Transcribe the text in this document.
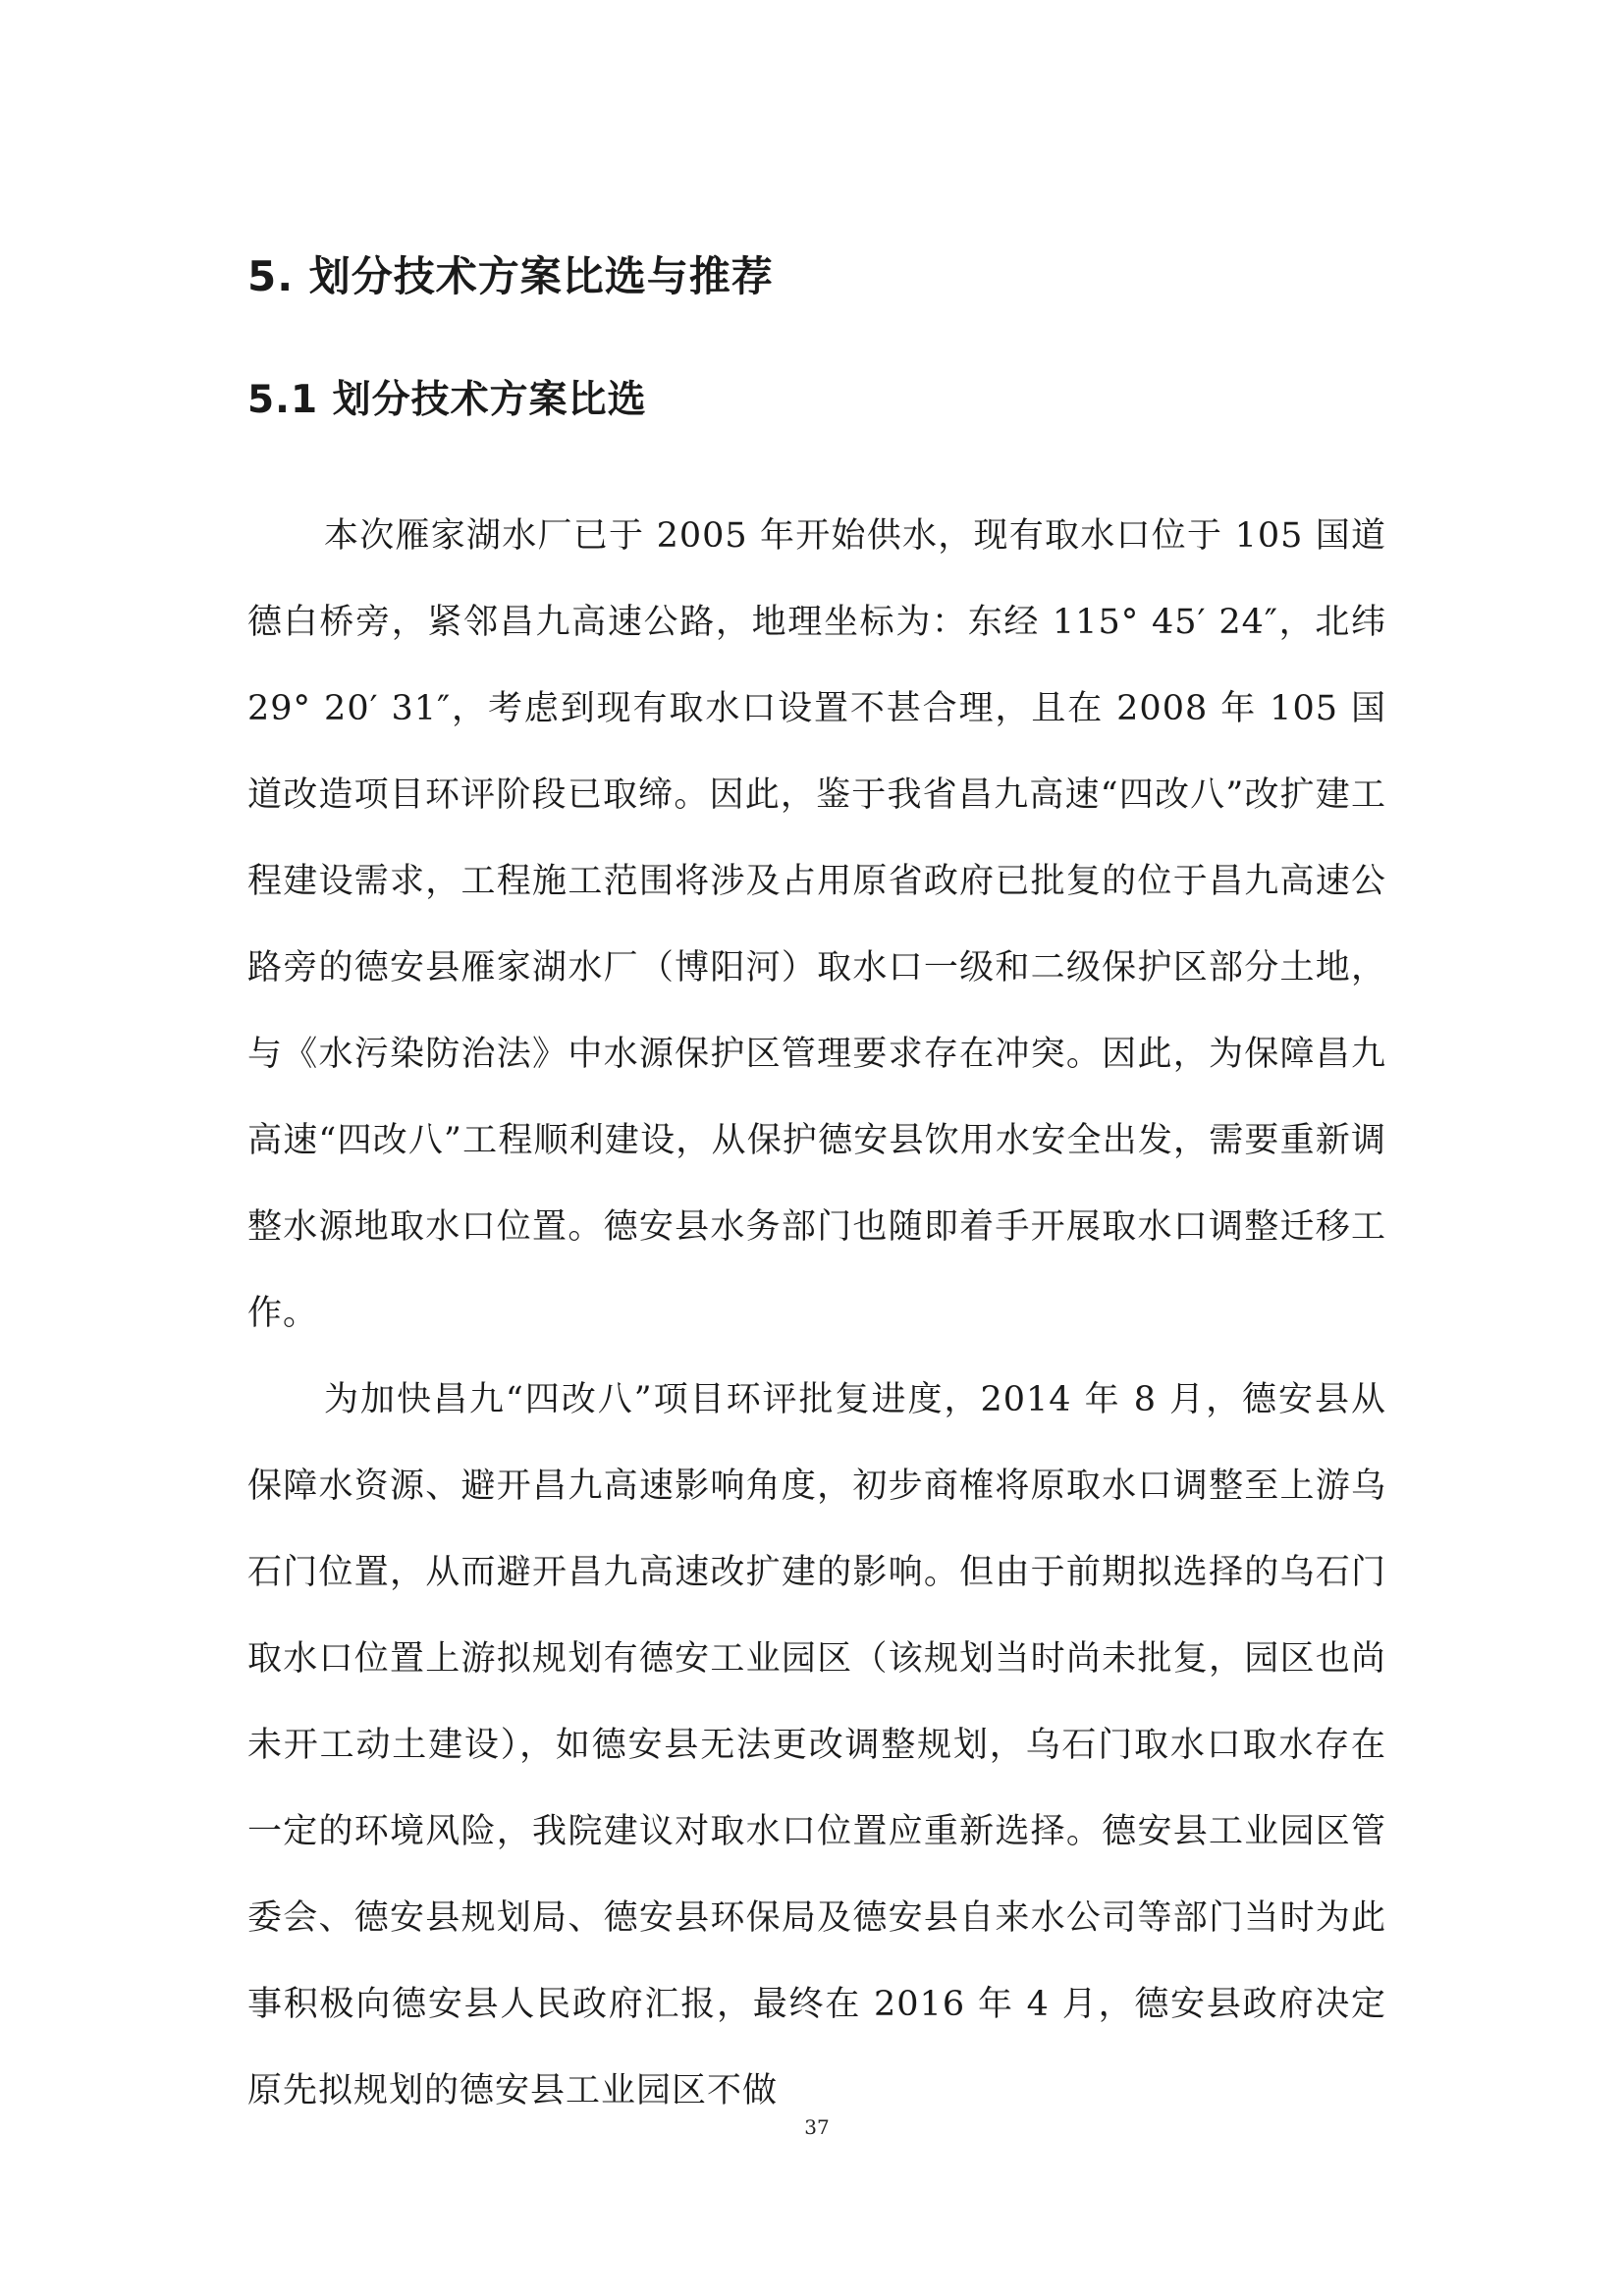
5. 划分技术方案比选与推荐
5.1 划分技术方案比选

本次雁家湖水厂已于 2005 年开始供水，现有取水口位于 105 国道德白桥旁，紧邻昌九高速公路，地理坐标为：东经 115° 45′ 24″，北纬 29° 20′ 31″，考虑到现有取水口设置不甚合理，且在 2008 年 105 国道改造项目环评阶段已取缔。因此，鉴于我省昌九高速“四改八”改扩建工程建设需求，工程施工范围将涉及占用原省政府已批复的位于昌九高速公路旁的德安县雁家湖水厂（博阳河）取水口一级和二级保护区部分土地，与《水污染防治法》中水源保护区管理要求存在冲突。因此，为保障昌九高速“四改八”工程顺利建设，从保护德安县饮用水安全出发，需要重新调整水源地取水口位置。德安县水务部门也随即着手开展取水口调整迁移工作。

为加快昌九“四改八”项目环评批复进度，2014 年 8 月，德安县从保障水资源、避开昌九高速影响角度，初步商榷将原取水口调整至上游乌石门位置，从而避开昌九高速改扩建的影响。但由于前期拟选择的乌石门取水口位置上游拟规划有德安工业园区（该规划当时尚未批复，园区也尚未开工动土建设），如德安县无法更改调整规划，乌石门取水口取水存在一定的环境风险，我院建议对取水口位置应重新选择。德安县工业园区管委会、德安县规划局、德安县环保局及德安县自来水公司等部门当时为此事积极向德安县人民政府汇报，最终在 2016 年 4 月，德安县政府决定原先拟规划的德安县工业园区不做

37
